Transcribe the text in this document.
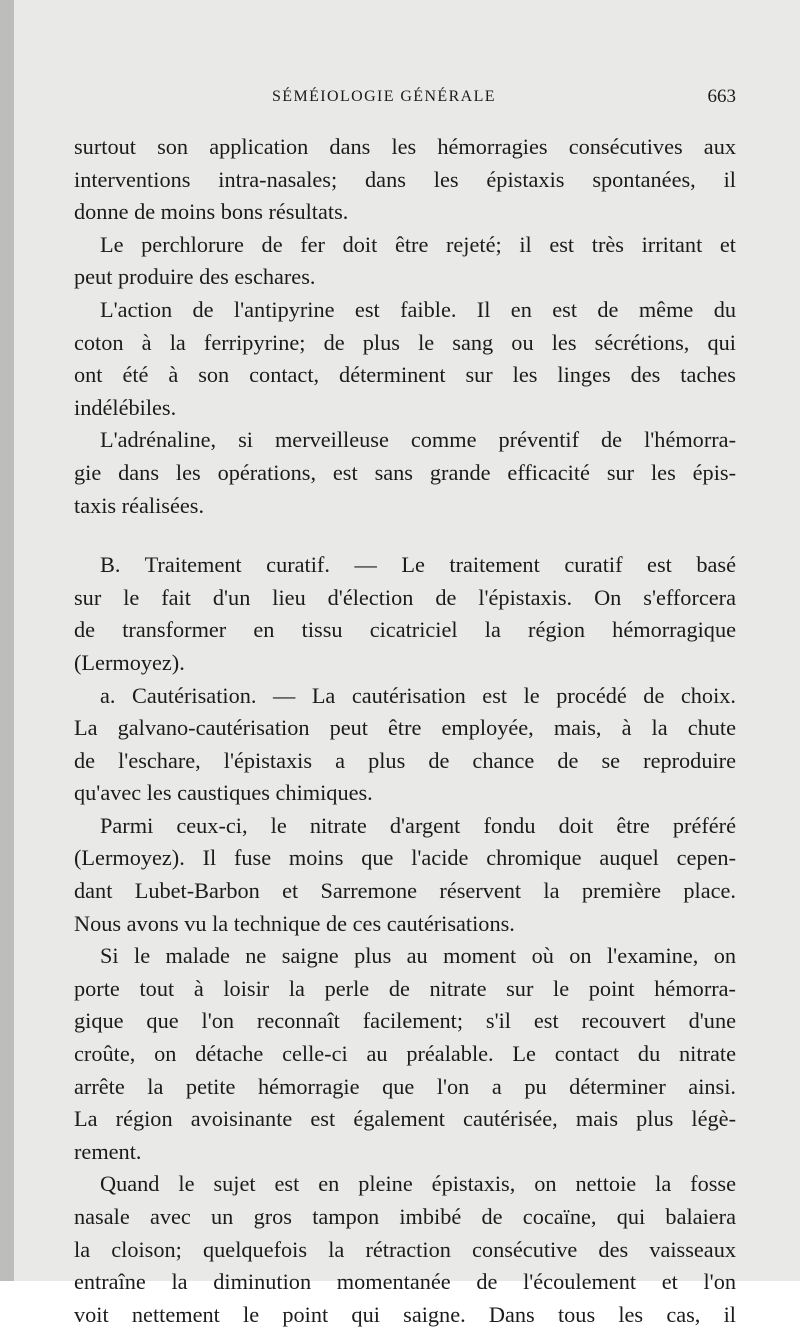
SÉMÉIOLOGIE GÉNÉRALE	663
surtout son application dans les hémorragies consécutives aux
interventions intra-nasales; dans les épistaxis spontanées, il
donne de moins bons résultats.
Le perchlorure de fer doit être rejeté; il est très irritant et
peut produire des eschares.
L'action de l'antipyrine est faible. Il en est de même du
coton à la ferripyrine; de plus le sang ou les sécrétions, qui
ont été à son contact, déterminent sur les linges des taches
indélébiles.
L'adrénaline, si merveilleuse comme préventif de l'hémorra-
gie dans les opérations, est sans grande efficacité sur les épis-
taxis réalisées.
B. Traitement curatif. — Le traitement curatif est basé
sur le fait d'un lieu d'élection de l'épistaxis. On s'efforcera
de transformer en tissu cicatriciel la région hémorragique
(Lermoyez).
a. Cautérisation. — La cautérisation est le procédé de choix.
La galvano-cautérisation peut être employée, mais, à la chute
de l'eschare, l'épistaxis a plus de chance de se reproduire
qu'avec les caustiques chimiques.
Parmi ceux-ci, le nitrate d'argent fondu doit être préféré
(Lermoyez). Il fuse moins que l'acide chromique auquel cepen-
dant Lubet-Barbon et Sarremone réservent la première place.
Nous avons vu la technique de ces cautérisations.
Si le malade ne saigne plus au moment où on l'examine, on
porte tout à loisir la perle de nitrate sur le point hémorra-
gique que l'on reconnaît facilement; s'il est recouvert d'une
croûte, on détache celle-ci au préalable. Le contact du nitrate
arrête la petite hémorragie que l'on a pu déterminer ainsi.
La région avoisinante est également cautérisée, mais plus légè-
rement.
Quand le sujet est en pleine épistaxis, on nettoie la fosse
nasale avec un gros tampon imbibé de cocaïne, qui balaiera
la cloison; quelquefois la rétraction consécutive des vaisseaux
entraîne la diminution momentanée de l'écoulement et l'on
voit nettement le point qui saigne. Dans tous les cas, il
